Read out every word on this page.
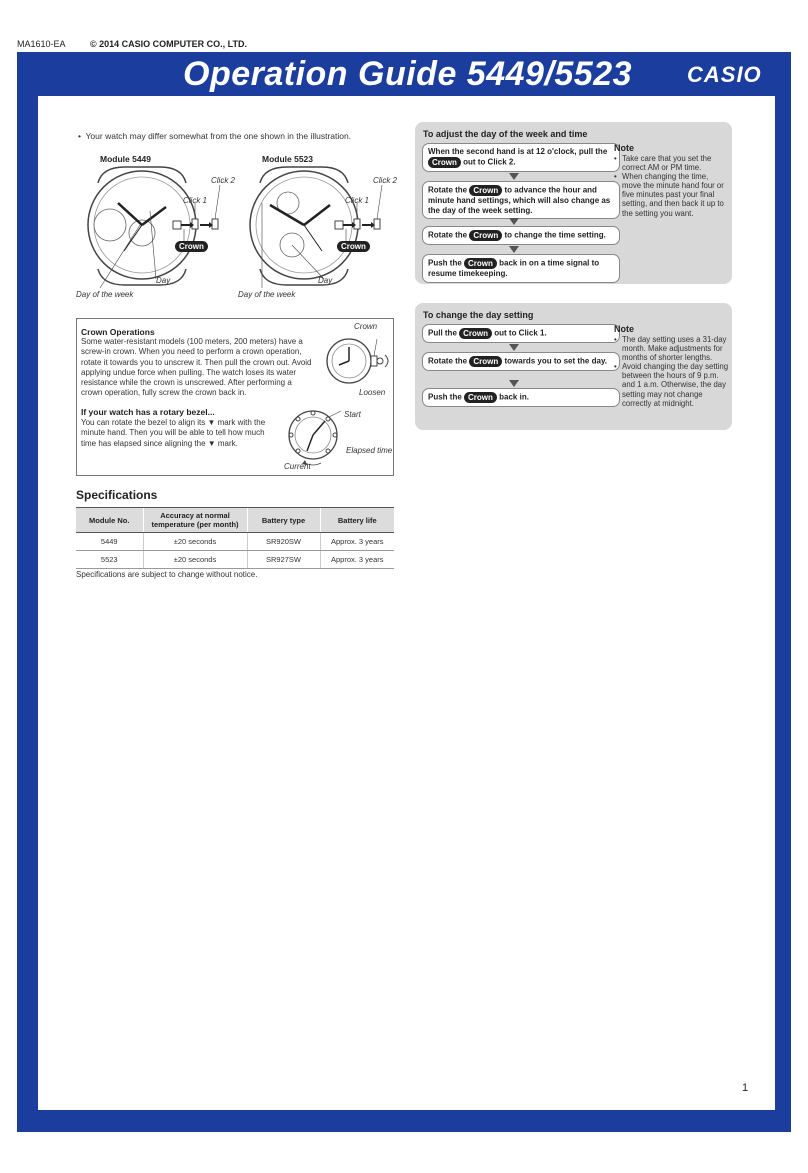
MA1610-EA	© 2014 CASIO COMPUTER CO., LTD.
Operation Guide 5449/5523 CASIO
•  Your watch may differ somewhat from the one shown in the illustration.
Module 5449	Module 5523
Click 1
Click 2
Crown
Day
Day of the week
Click 1
Click 2
Crown
Day
Day of the week
Crown Operations
Some water-resistant models (100 meters, 200 meters) have a screw-in crown. When you need to perform a crown operation, rotate it towards you to unscrew it. Then pull the crown out. Avoid applying undue force when pulling. The watch loses its water resistance while the crown is unscrewed. After performing a crown operation, fully screw the crown back in.
If your watch has a rotary bezel...
You can rotate the bezel to align its ▼ mark with the minute hand. Then you will be able to tell how much time has elapsed since aligning the ▼ mark.
Crown
Loosen
Start
Elapsed time
Current
Specifications
Module No.	Accuracy at normal temperature (per month)	Battery type	Battery life
5449	±20 seconds	SR920SW	Approx. 3 years
5523	±20 seconds	SR927SW	Approx. 3 years
Specifications are subject to change without notice.
To adjust the day of the week and time
When the second hand is at 12 o'clock, pull the Crown out to Click 2.
Rotate the Crown to advance the hour and minute hand settings, which will also change as the day of the week setting.
Rotate the Crown to change the time setting.
Push the Crown back in on a time signal to resume timekeeping.
Note
• Take care that you set the correct AM or PM time.
• When changing the time, move the minute hand four or five minutes past your final setting, and then back it up to the setting you want.
To change the day setting
Pull the Crown out to Click 1.
Rotate the Crown towards you to set the day.
Push the Crown back in.
Note
• The day setting uses a 31-day month. Make adjustments for months of shorter lengths.
• Avoid changing the day setting between the hours of 9 p.m. and 1 a.m. Otherwise, the day setting may not change correctly at midnight.
1
